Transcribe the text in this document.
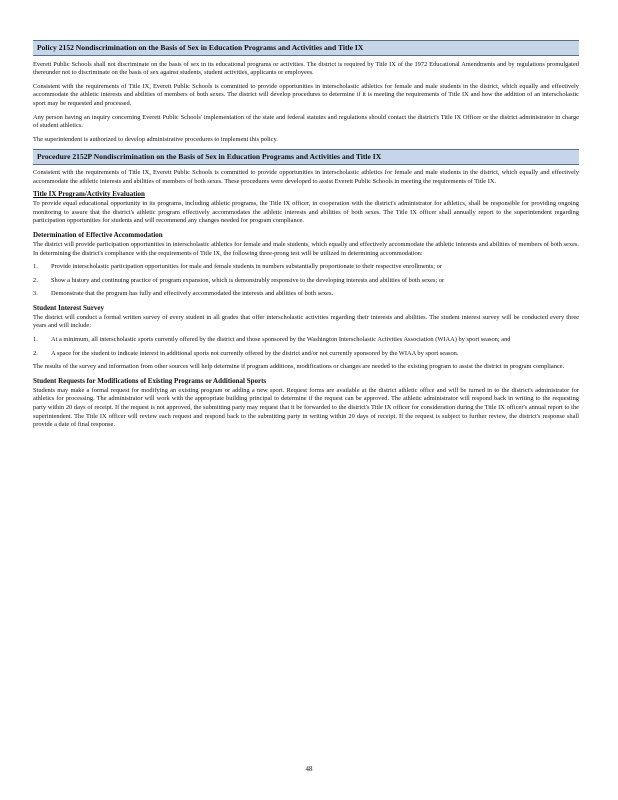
Policy 2152 Nondiscrimination on the Basis of Sex in Education Programs and Activities and Title IX

Everett Public Schools shall not discriminate on the basis of sex in its educational programs or activities. The district is required by Title IX of the 1972 Educational Amendments and by regulations promulgated thereunder not to discriminate on the basis of sex against students, student activities, applicants or employees.

Consistent with the requirements of Title IX, Everett Public Schools is committed to provide opportunities in interscholastic athletics for female and male students in the district, which equally and effectively accommodate the athletic interests and abilities of members of both sexes. The district will develop procedures to determine if it is meeting the requirements of Title IX and how the addition of an interscholastic sport may be requested and processed.

Any person having an inquiry concerning Everett Public Schools' implementation of the state and federal statutes and regulations should contact the district's Title IX Officer or the district administrator in charge of student athletics.

The superintendent is authorized to develop administrative procedures to implement this policy.

Procedure 2152P Nondiscrimination on the Basis of Sex in Education Programs and Activities and Title IX

Consistent with the requirements of Title IX, Everett Public Schools is committed to provide opportunities in interscholastic athletics for female and male students in the district, which equally and effectively accommodate the athletic interests and abilities of members of both sexes. These procedures were developed to assist Everett Public Schools in meeting the requirements of Title IX.

Title IX Program/Activity Evaluation

To provide equal educational opportunity in its programs, including athletic programs, the Title IX officer, in cooperation with the district's administrator for athletics, shall be responsible for providing ongoing monitoring to assure that the district's athletic program effectively accommodates the athletic interests and abilities of both sexes. The Title IX officer shall annually report to the superintendent regarding participation opportunities for students and will recommend any changes needed for program compliance.

Determination of Effective Accommodation

The district will provide participation opportunities in interscholastic athletics for female and male students, which equally and effectively accommodate the athletic interests and abilities of members of both sexes. In determining the district's compliance with the requirements of Title IX, the following three-prong test will be utilized in determining accommodation:

1.	Provide interscholastic participation opportunities for male and female students in numbers substantially proportionate to their respective enrollments; or
2.	Show a history and continuing practice of program expansion, which is demonstrably responsive to the developing interests and abilities of both sexes; or
3.	Demonstrate that the program has fully and effectively accommodated the interests and abilities of both sexes.
Student Interest Survey

The district will conduct a formal written survey of every student in all grades that offer interscholastic activities regarding their interests and abilities. The student interest survey will be conducted every three years and will include:

1.	At a minimum, all interscholastic sports currently offered by the district and those sponsored by the Washington Interscholastic Activities Association (WIAA) by sport season; and
2.	A space for the student to indicate interest in additional sports not currently offered by the district and/or not currently sponsored by the WIAA by sport season.

The results of the survey and information from other sources will help determine if program additions, modifications or changes are needed to the existing program to assist the district in program compliance.

Student Requests for Modifications of Existing Programs or Additional Sports

Students may make a formal request for modifying an existing program or adding a new sport. Request forms are available at the district athletic office and will be turned in to the district's administrator for athletics for processing. The administrator will work with the appropriate building principal to determine if the request can be approved. The athletic administrator will respond back in writing to the requesting party within 20 days of receipt. If the request is not approved, the submitting party may request that it be forwarded to the district's Title IX officer for consideration during the Title IX officer's annual report to the superintendent. The Title IX officer will review each request and respond back to the submitting party in writing within 20 days of receipt. If the request is subject to further review, the district's response shall provide a date of final response.

48
